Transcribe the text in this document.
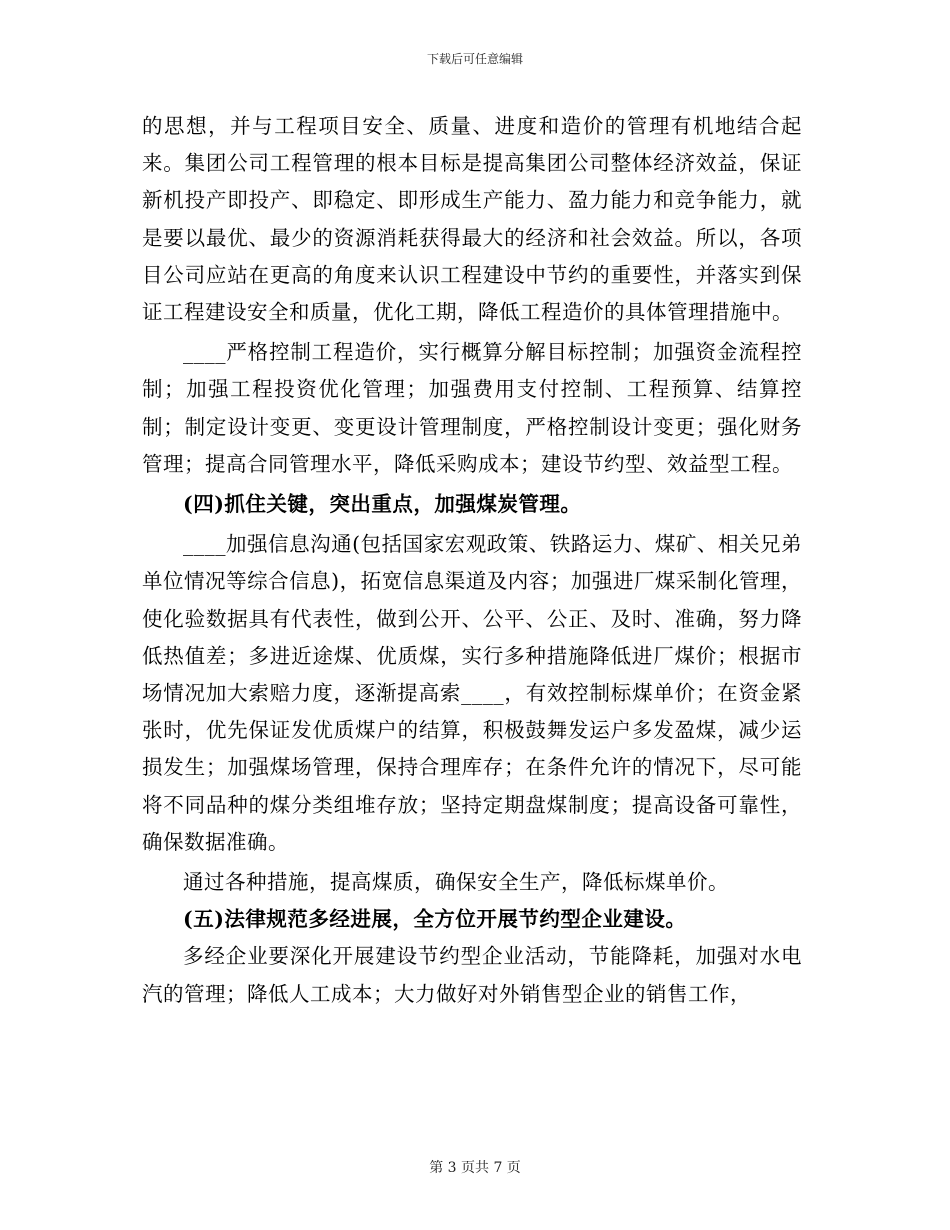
下载后可任意编辑

的思想，并与工程项目安全、质量、进度和造价的管理有机地结合起来。集团公司工程管理的根本目标是提高集团公司整体经济效益，保证新机投产即投产、即稳定、即形成生产能力、盈力能力和竞争能力，就是要以最优、最少的资源消耗获得最大的经济和社会效益。所以，各项目公司应站在更高的角度来认识工程建设中节约的重要性，并落实到保证工程建设安全和质量，优化工期，降低工程造价的具体管理措施中。

____严格控制工程造价，实行概算分解目标控制；加强资金流程控制；加强工程投资优化管理；加强费用支付控制、工程预算、结算控制；制定设计变更、变更设计管理制度，严格控制设计变更；强化财务管理；提高合同管理水平，降低采购成本；建设节约型、效益型工程。

(四)抓住关键，突出重点，加强煤炭管理。

____加强信息沟通(包括国家宏观政策、铁路运力、煤矿、相关兄弟单位情况等综合信息)，拓宽信息渠道及内容；加强进厂煤采制化管理，使化验数据具有代表性，做到公开、公平、公正、及时、准确，努力降低热值差；多进近途煤、优质煤，实行多种措施降低进厂煤价；根据市场情况加大索赔力度，逐渐提高索____，有效控制标煤单价；在资金紧张时，优先保证发优质煤户的结算，积极鼓舞发运户多发盈煤，减少运损发生；加强煤场管理，保持合理库存；在条件允许的情况下，尽可能将不同品种的煤分类组堆存放；坚持定期盘煤制度；提高设备可靠性，确保数据准确。

通过各种措施，提高煤质，确保安全生产，降低标煤单价。

(五)法律规范多经进展，全方位开展节约型企业建设。

多经企业要深化开展建设节约型企业活动，节能降耗，加强对水电汽的管理；降低人工成本；大力做好对外销售型企业的销售工作，

第 3 页共 7 页
